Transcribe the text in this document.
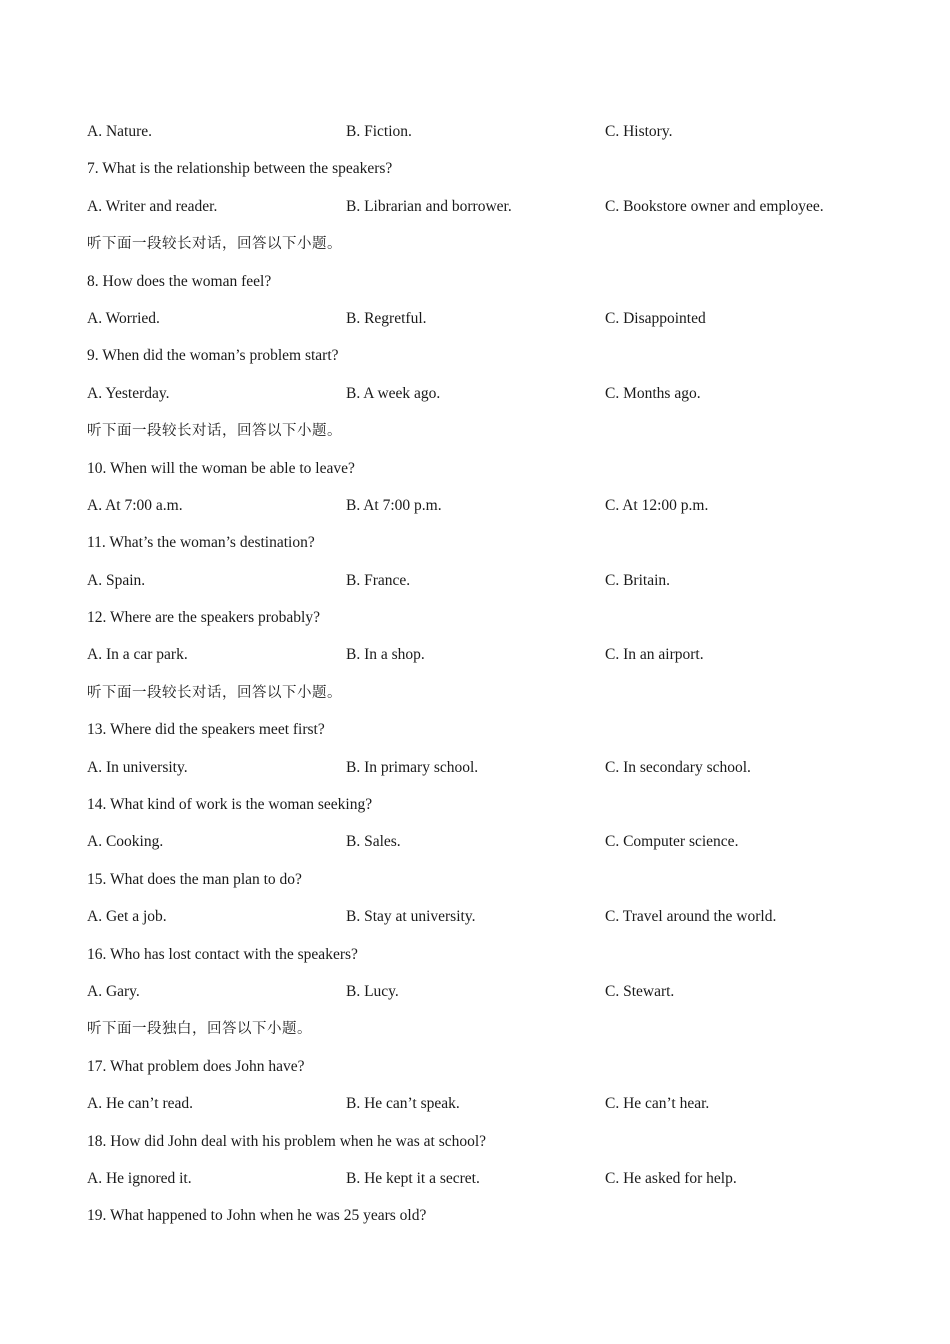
A. Nature.	B. Fiction.	C. History.
7. What is the relationship between the speakers?
A. Writer and reader.	B. Librarian and borrower.	C. Bookstore owner and employee.
听下面一段较长对话，回答以下小题。
8. How does the woman feel?
A. Worried.	B. Regretful.	C. Disappointed
9. When did the woman’s problem start?
A. Yesterday.	B. A week ago.	C. Months ago.
听下面一段较长对话，回答以下小题。
10. When will the woman be able to leave?
A. At 7:00 a.m.	B. At 7:00 p.m.	C. At 12:00 p.m.
11. What’s the woman’s destination?
A. Spain.	B. France.	C. Britain.
12. Where are the speakers probably?
A. In a car park.	B. In a shop.	C. In an airport.
听下面一段较长对话，回答以下小题。
13. Where did the speakers meet first?
A. In university.	B. In primary school.	C. In secondary school.
14. What kind of work is the woman seeking?
A. Cooking.	B. Sales.	C. Computer science.
15. What does the man plan to do?
A. Get a job.	B. Stay at university.	C. Travel around the world.
16. Who has lost contact with the speakers?
A. Gary.	B. Lucy.	C. Stewart.
听下面一段独白，回答以下小题。
17. What problem does John have?
A. He can’t read.	B. He can’t speak.	C. He can’t hear.
18. How did John deal with his problem when he was at school?
A. He ignored it.	B. He kept it a secret.	C. He asked for help.
19. What happened to John when he was 25 years old?
